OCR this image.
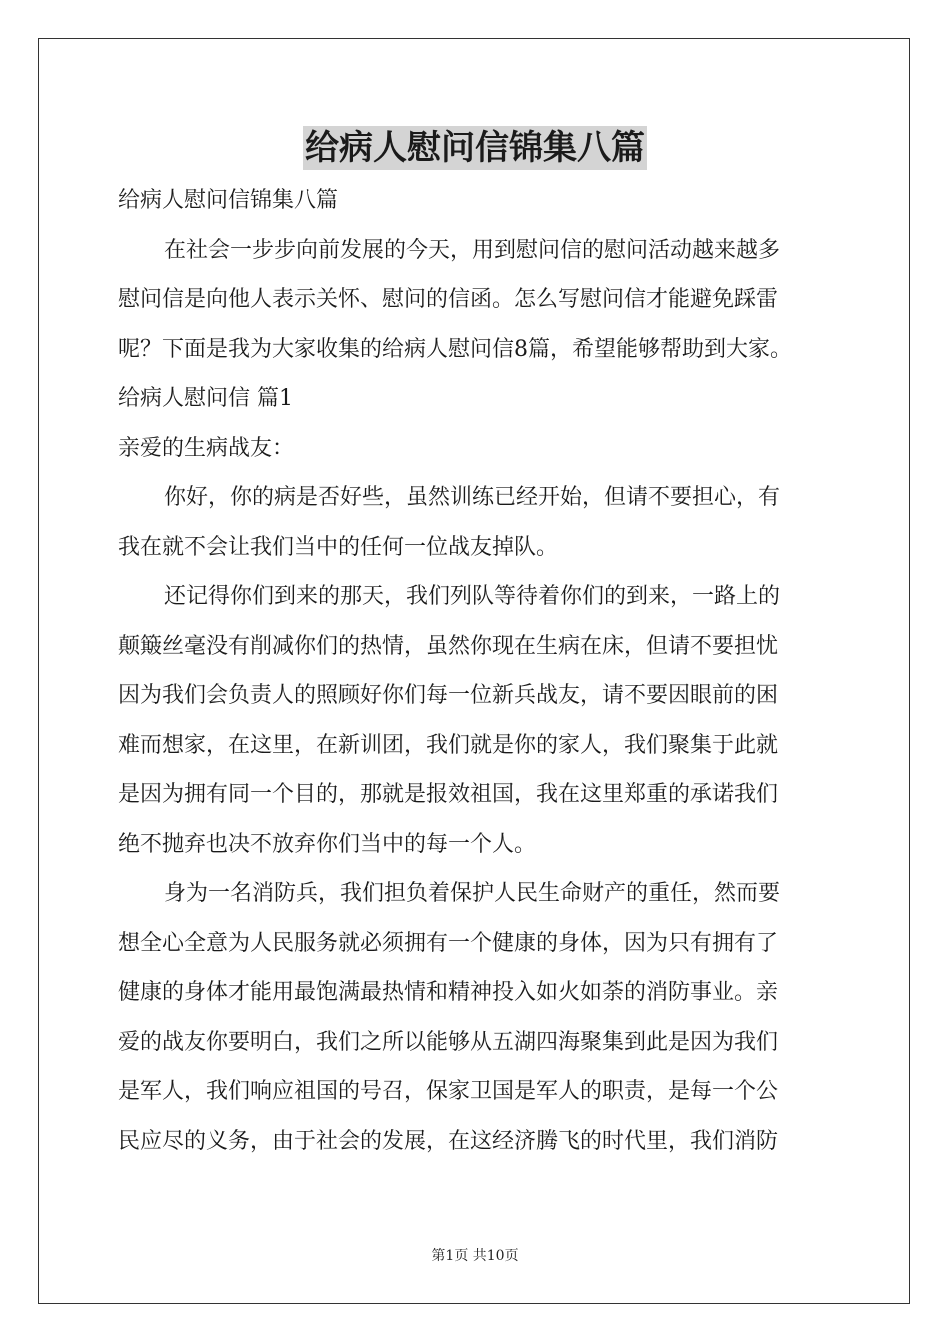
给病人慰问信锦集八篇
给病人慰问信锦集八篇
在社会一步步向前发展的今天，用到慰问信的慰问活动越来越多
慰问信是向他人表示关怀、慰问的信函。怎么写慰问信才能避免踩雷
呢？下面是我为大家收集的给病人慰问信8篇，希望能够帮助到大家。
给病人慰问信 篇1
亲爱的生病战友：
你好，你的病是否好些，虽然训练已经开始，但请不要担心，有
我在就不会让我们当中的任何一位战友掉队。
还记得你们到来的那天，我们列队等待着你们的到来，一路上的
颠簸丝毫没有削减你们的热情，虽然你现在生病在床，但请不要担忧
因为我们会负责人的照顾好你们每一位新兵战友，请不要因眼前的困
难而想家，在这里，在新训团，我们就是你的家人，我们聚集于此就
是因为拥有同一个目的，那就是报效祖国，我在这里郑重的承诺我们
绝不抛弃也决不放弃你们当中的每一个人。
身为一名消防兵，我们担负着保护人民生命财产的重任，然而要
想全心全意为人民服务就必须拥有一个健康的身体，因为只有拥有了
健康的身体才能用最饱满最热情和精神投入如火如荼的消防事业。亲
爱的战友你要明白，我们之所以能够从五湖四海聚集到此是因为我们
是军人，我们响应祖国的号召，保家卫国是军人的职责，是每一个公
民应尽的义务，由于社会的发展，在这经济腾飞的时代里，我们消防
第1页 共10页
